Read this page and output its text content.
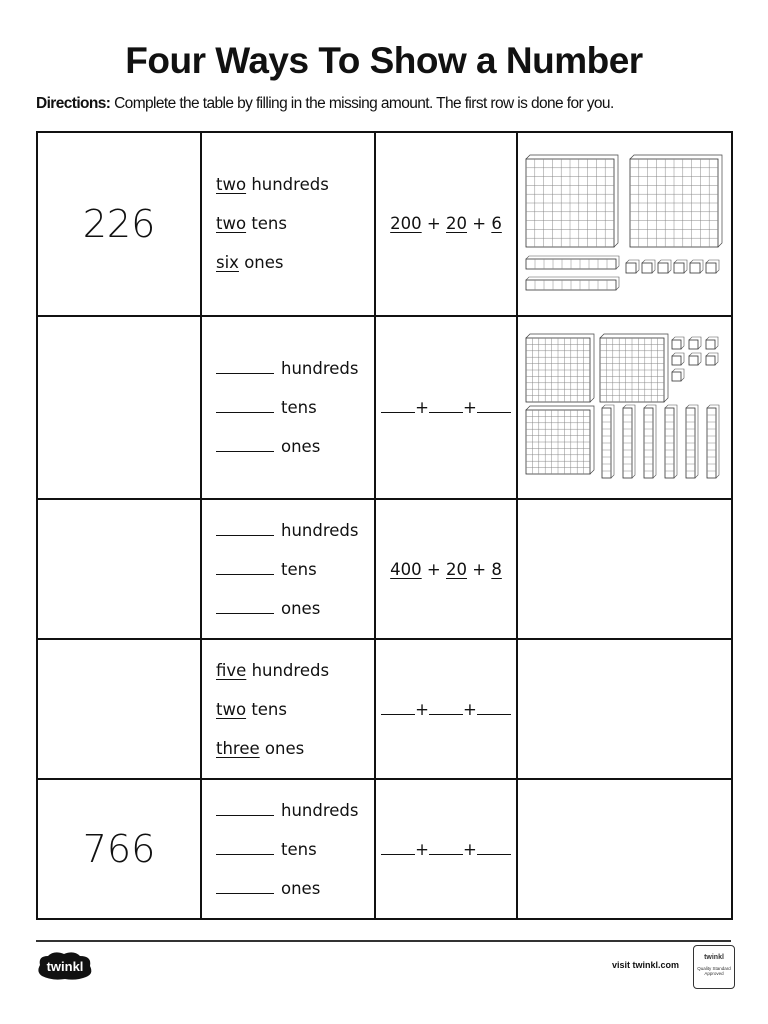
Four Ways To Show a Number
Directions: Complete the table by filling in the missing amount. The first row is done for you.
226	two hundreds
two tens
six ones	200 + 20 + 6	

	hundreds
tens
ones	+ +	

	hundreds
tens
ones	400 + 20 + 8	

	five hundreds
two tens
three ones	+ +	
766	hundreds
tens
ones	+ +	
twinkl	visit twinkl.com
twinkl
Quality Standard
Approved
